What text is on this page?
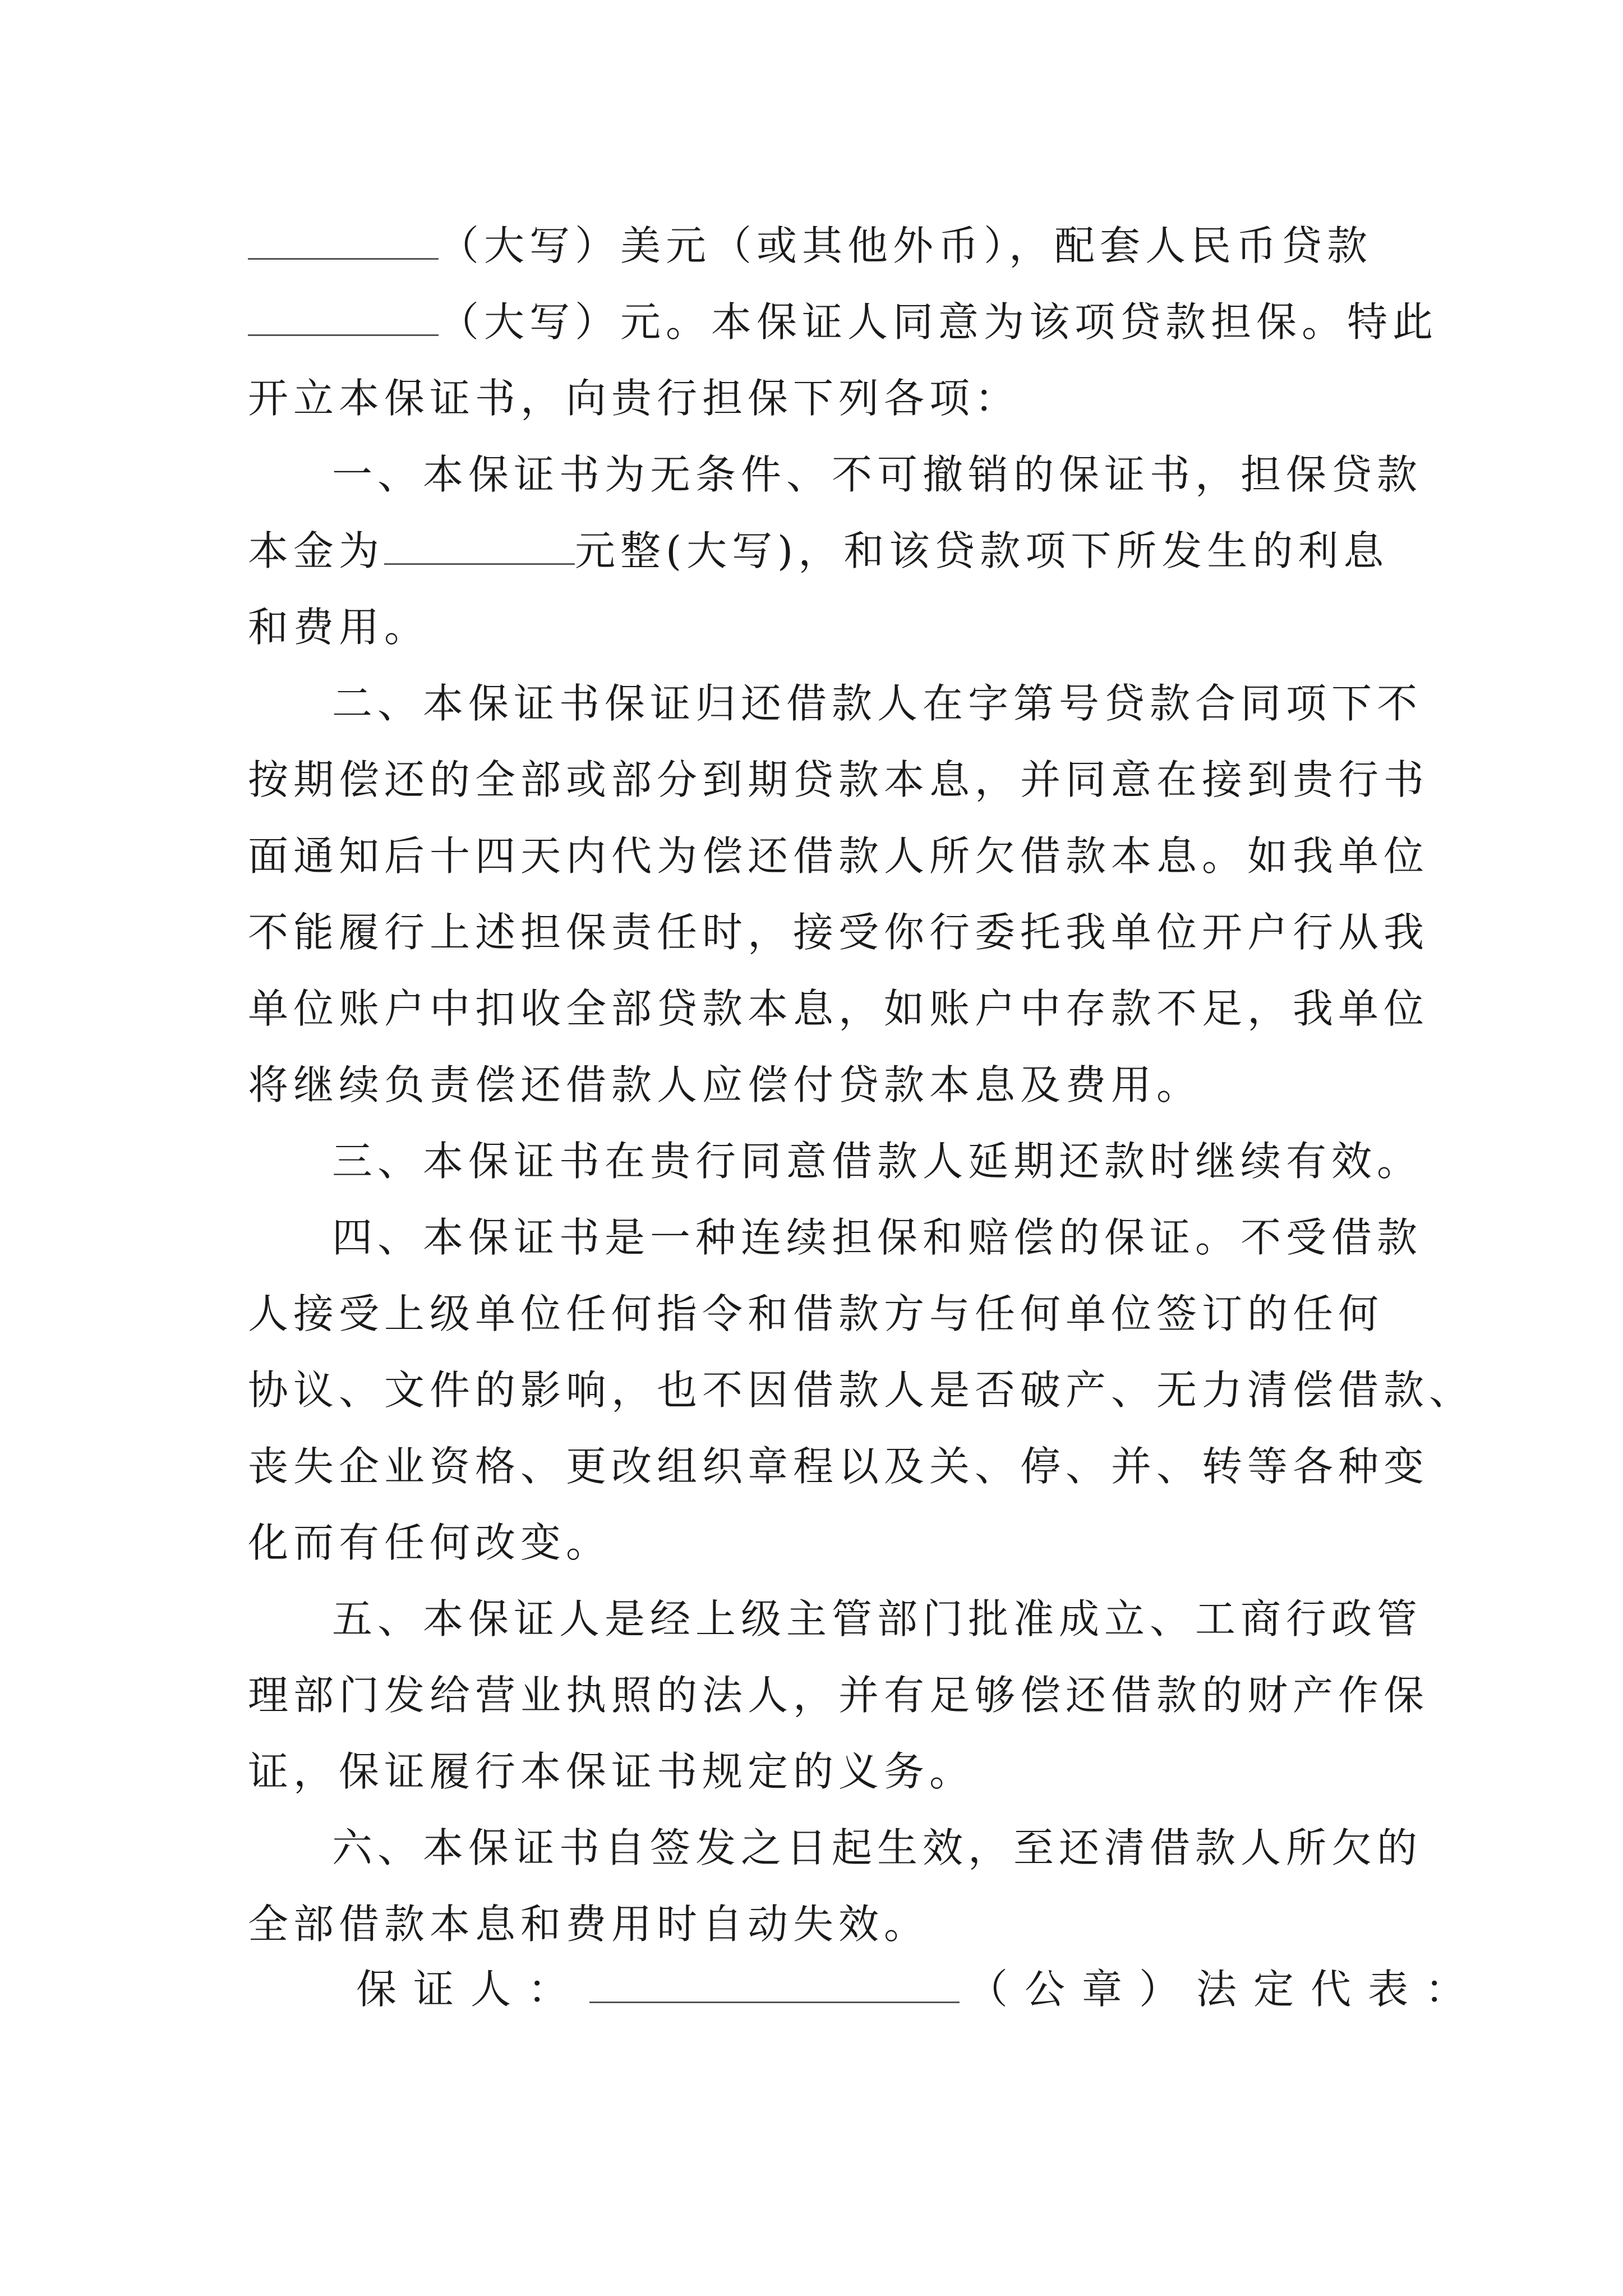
（大写）美元（或其他外币），配套人民币贷款
（大写）元。本保证人同意为该项贷款担保。特此
开立本保证书，向贵行担保下列各项：
一、本保证书为无条件、不可撤销的保证书，担保贷款
本金为	元整(大写)，和该贷款项下所发生的利息
和费用。
二、本保证书保证归还借款人在字第号贷款合同项下不
按期偿还的全部或部分到期贷款本息，并同意在接到贵行书
面通知后十四天内代为偿还借款人所欠借款本息。如我单位
不能履行上述担保责任时，接受你行委托我单位开户行从我
单位账户中扣收全部贷款本息，如账户中存款不足，我单位
将继续负责偿还借款人应偿付贷款本息及费用。
三、本保证书在贵行同意借款人延期还款时继续有效。
四、本保证书是一种连续担保和赔偿的保证。不受借款
人接受上级单位任何指令和借款方与任何单位签订的任何
协议、文件的影响，也不因借款人是否破产、无力清偿借款、
丧失企业资格、更改组织章程以及关、停、并、转等各种变
化而有任何改变。
五、本保证人是经上级主管部门批准成立、工商行政管
理部门发给营业执照的法人，并有足够偿还借款的财产作保
证，保证履行本保证书规定的义务。
六、本保证书自签发之日起生效，至还清借款人所欠的
全部借款本息和费用时自动失效。
保证人：	（公章）法定代表：
